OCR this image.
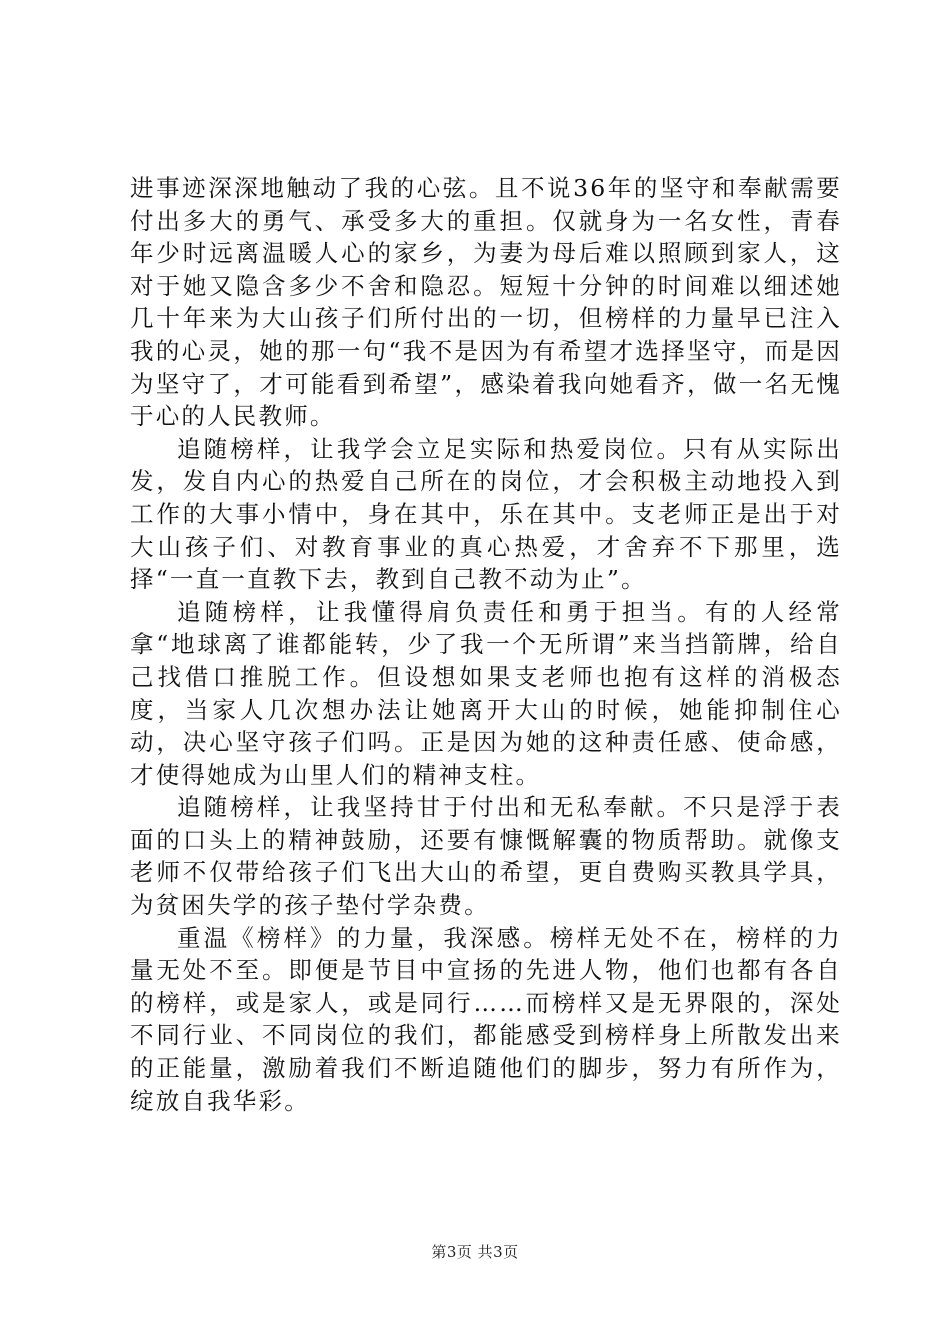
进事迹深深地触动了我的心弦。且不说36年的坚守和奉献需要付出多大的勇气、承受多大的重担。仅就身为一名女性，青春年少时远离温暖人心的家乡，为妻为母后难以照顾到家人，这对于她又隐含多少不舍和隐忍。短短十分钟的时间难以细述她几十年来为大山孩子们所付出的一切，但榜样的力量早已注入我的心灵，她的那一句“我不是因为有希望才选择坚守，而是因为坚守了，才可能看到希望”，感染着我向她看齐，做一名无愧于心的人民教师。

追随榜样，让我学会立足实际和热爱岗位。只有从实际出发，发自内心的热爱自己所在的岗位，才会积极主动地投入到工作的大事小情中，身在其中，乐在其中。支老师正是出于对大山孩子们、对教育事业的真心热爱，才舍弃不下那里，选择“一直一直教下去，教到自己教不动为止”。

追随榜样，让我懂得肩负责任和勇于担当。有的人经常拿“地球离了谁都能转，少了我一个无所谓”来当挡箭牌，给自己找借口推脱工作。但设想如果支老师也抱有这样的消极态度，当家人几次想办法让她离开大山的时候，她能抑制住心动，决心坚守孩子们吗。正是因为她的这种责任感、使命感，才使得她成为山里人们的精神支柱。

追随榜样，让我坚持甘于付出和无私奉献。不只是浮于表面的口头上的精神鼓励，还要有慷慨解囊的物质帮助。就像支老师不仅带给孩子们飞出大山的希望，更自费购买教具学具，为贫困失学的孩子垫付学杂费。

重温《榜样》的力量，我深感。榜样无处不在，榜样的力量无处不至。即便是节目中宣扬的先进人物，他们也都有各自的榜样，或是家人，或是同行……而榜样又是无界限的，深处不同行业、不同岗位的我们，都能感受到榜样身上所散发出来的正能量，激励着我们不断追随他们的脚步，努力有所作为，绽放自我华彩。

第3页 共3页
